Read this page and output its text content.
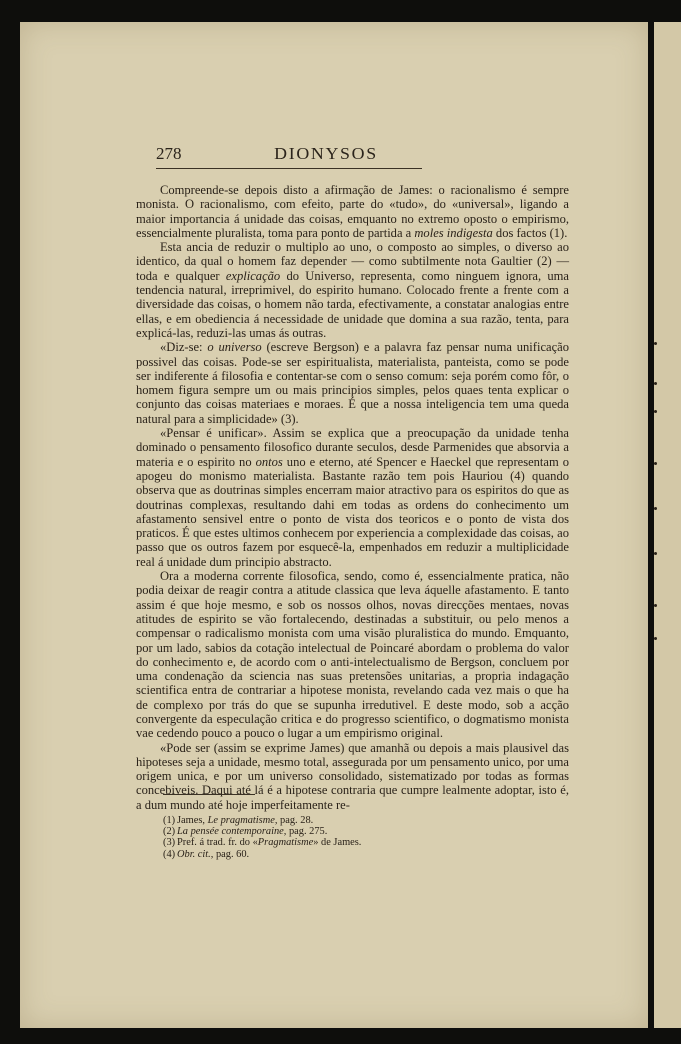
278	DIONYSOS

Compreende-se depois disto a afirmação de James: o racionalismo é sempre monista. O racionalismo, com efeito, parte do «tudo», do «universal», ligando a maior importancia á unidade das coisas, emquanto no extremo oposto o empirismo, essencialmente pluralista, toma para ponto de partida a moles indigesta dos factos (1).

Esta ancia de reduzir o multiplo ao uno, o composto ao simples, o diverso ao identico, da qual o homem faz depender — como subtilmente nota Gaultier (2) — toda e qualquer explicação do Universo, representa, como ninguem ignora, uma tendencia natural, irreprimivel, do espirito humano. Colocado frente a frente com a diversidade das coisas, o homem não tarda, efectivamente, a constatar analogias entre ellas, e em obediencia á necessidade de unidade que domina a sua razão, tenta, para explicá-las, reduzi-las umas ás outras.

«Diz-se: o universo (escreve Bergson) e a palavra faz pensar numa unificação possivel das coisas. Pode-se ser espiritualista, materialista, panteista, como se pode ser indiferente á filosofia e contentar-se com o senso comum: seja porém como fôr, o homem figura sempre um ou mais principios simples, pelos quaes tenta explicar o conjunto das coisas materiaes e moraes. É que a nossa inteligencia tem uma queda natural para a simplicidade» (3).

«Pensar é unificar». Assim se explica que a preocupação da unidade tenha dominado o pensamento filosofico durante seculos, desde Parmenides que absorvia a materia e o espirito no ontos uno e eterno, até Spencer e Haeckel que representam o apogeu do monismo materialista. Bastante razão tem pois Hauriou (4) quando observa que as doutrinas simples encerram maior atractivo para os espiritos do que as doutrinas complexas, resultando dahi em todas as ordens do conhecimento um afastamento sensivel entre o ponto de vista dos teoricos e o ponto de vista dos praticos. É que estes ultimos conhecem por experiencia a complexidade das coisas, ao passo que os outros fazem por esquecê-la, empenhados em reduzir a multiplicidade real á unidade dum principio abstracto.

Ora a moderna corrente filosofica, sendo, como é, essencialmente pratica, não podia deixar de reagir contra a atitude classica que leva áquelle afastamento. E tanto assim é que hoje mesmo, e sob os nossos olhos, novas direcções mentaes, novas atitudes de espirito se vão fortalecendo, destinadas a substituir, ou pelo menos a compensar o radicalismo monista com uma visão pluralistica do mundo. Emquanto, por um lado, sabios da cotação intelectual de Poincaré abordam o problema do valor do conhecimento e, de acordo com o anti-intelectualismo de Bergson, concluem por uma condenação da sciencia nas suas pretensões unitarias, a propria indagação scientifica entra de contrariar a hipotese monista, revelando cada vez mais o que ha de complexo por trás do que se supunha irredutivel. E deste modo, sob a acção convergente da especulação critica e do progresso scientifico, o dogmatismo monista vae cedendo pouco a pouco o lugar a um empirismo original.

«Pode ser (assim se exprime James) que amanhã ou depois a mais plausivel das hipoteses seja a unidade, mesmo total, assegurada por um pensamento unico, por uma origem unica, e por um universo consolidado, sistematizado por todas as formas concebiveis. Daqui até lá é a hipotese contraria que cumpre lealmente adoptar, isto é, a dum mundo até hoje imperfeitamente re-

(1) James, Le pragmatisme, pag. 28.
(2) La pensée contemporaine, pag. 275.
(3) Pref. á trad. fr. do «Pragmatisme» de James.
(4) Obr. cit., pag. 60.
